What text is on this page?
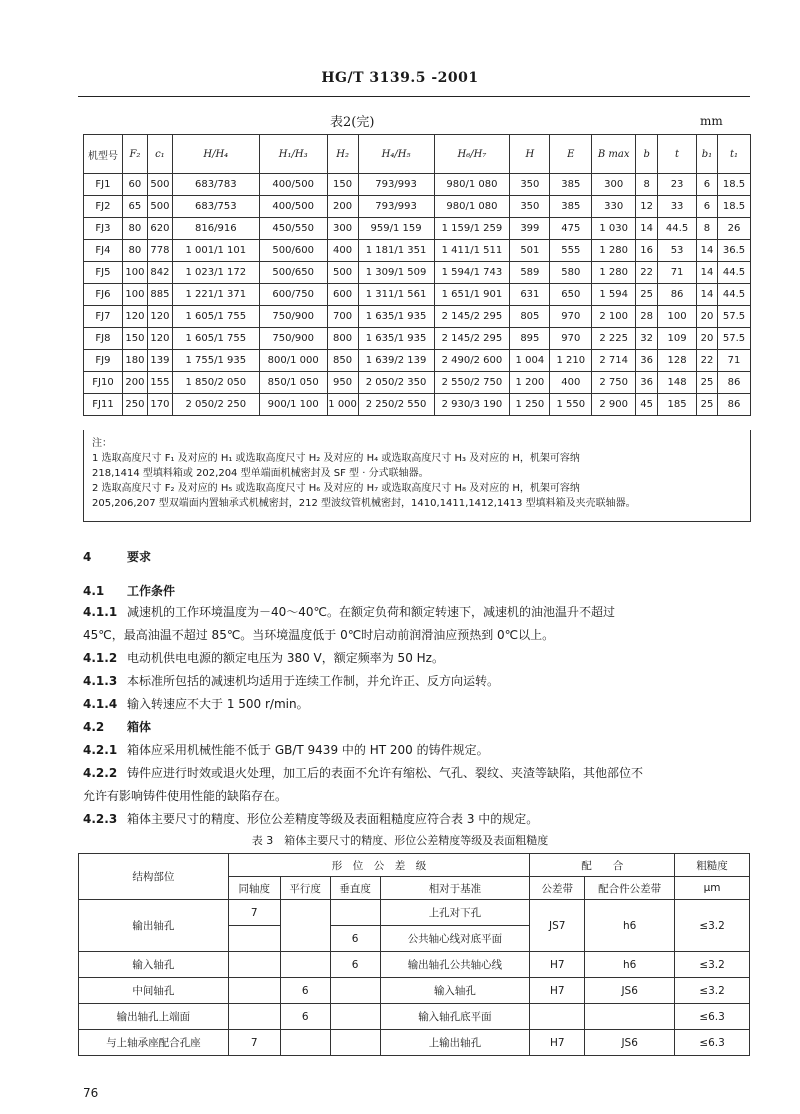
HG/T 3139.5 -2001
表2(完)	mm
机型号	F₂	c₁	H/H₄	H₁/H₃	H₂	H₄/H₅	H₆/H₇	H	E	B max	b	t	b₁	t₁
FJ1	60	500	683/783	400/500	150	793/993	980/1 080	350	385	300	8	23	6	18.5
FJ2	65	500	683/753	400/500	200	793/993	980/1 080	350	385	330	12	33	6	18.5
FJ3	80	620	816/916	450/550	300	959/1 159	1 159/1 259	399	475	1 030	14	44.5	8	26
FJ4	80	778	1 001/1 101	500/600	400	1 181/1 351	1 411/1 511	501	555	1 280	16	53	14	36.5
FJ5	100	842	1 023/1 172	500/650	500	1 309/1 509	1 594/1 743	589	580	1 280	22	71	14	44.5
FJ6	100	885	1 221/1 371	600/750	600	1 311/1 561	1 651/1 901	631	650	1 594	25	86	14	44.5
FJ7	120	120	1 605/1 755	750/900	700	1 635/1 935	2 145/2 295	805	970	2 100	28	100	20	57.5
FJ8	150	120	1 605/1 755	750/900	800	1 635/1 935	2 145/2 295	895	970	2 225	32	109	20	57.5
FJ9	180	139	1 755/1 935	800/1 000	850	1 639/2 139	2 490/2 600	1 004	1 210	2 714	36	128	22	71
FJ10	200	155	1 850/2 050	850/1 050	950	2 050/2 350	2 550/2 750	1 200	400	2 750	36	148	25	86
FJ11	250	170	2 050/2 250	900/1 100	1 000	2 250/2 550	2 930/3 190	1 250	1 550	2 900	45	185	25	86
注：
1 选取高度尺寸 F₁ 及对应的 H₁ 或选取高度尺寸 H₂ 及对应的 H₄ 或选取高度尺寸 H₃ 及对应的 H，机架可容纳
218,1414 型填料箱或 202,204 型单端面机械密封及 SF 型 · 分式联轴器。
2 选取高度尺寸 F₂ 及对应的 H₅ 或选取高度尺寸 H₆ 及对应的 H₇ 或选取高度尺寸 H₈ 及对应的 H，机架可容纳
205,206,207 型双端面内置轴承式机械密封，212 型波纹管机械密封，1410,1411,1412,1413 型填料箱及夹壳联轴器。
4	要求
4.1 工作条件
4.1.1 减速机的工作环境温度为－40～40℃。在额定负荷和额定转速下，减速机的油池温升不超过
45℃，最高油温不超过 85℃。当环境温度低于 0℃时启动前润滑油应预热到 0℃以上。
4.1.2 电动机供电电源的额定电压为 380 V，额定频率为 50 Hz。
4.1.3 本标准所包括的减速机均适用于连续工作制，并允许正、反方向运转。
4.1.4 输入转速应不大于 1 500 r/min。
4.2 箱体
4.2.1 箱体应采用机械性能不低于 GB/T 9439 中的 HT 200 的铸件规定。
4.2.2 铸件应进行时效或退火处理，加工后的表面不允许有缩松、气孔、裂纹、夹渣等缺陷，其他部位不
允许有影响铸件使用性能的缺陷存在。
4.2.3 箱体主要尺寸的精度、形位公差精度等级及表面粗糙度应符合表 3 中的规定。
表 3　箱体主要尺寸的精度、形位公差精度等级及表面粗糙度
结构部位	形　位　公　差　级				配　　合		粗糙度
	同轴度	平行度	垂直度	相对于基准	公差带	配合件公差带	μm
输出轴孔	7			上孔对下孔	JS7	h6	≤3.2
			6	公共轴心线对底平面			
输入轴孔			6	输出轴孔公共轴心线	H7	h6	≤3.2
中间轴孔		6		输入轴孔	H7	JS6	≤3.2
输出轴孔上端面		6		输入轴孔底平面			≤6.3
与上轴承座配合孔座	7			上输出轴孔	H7	JS6	≤6.3
76
